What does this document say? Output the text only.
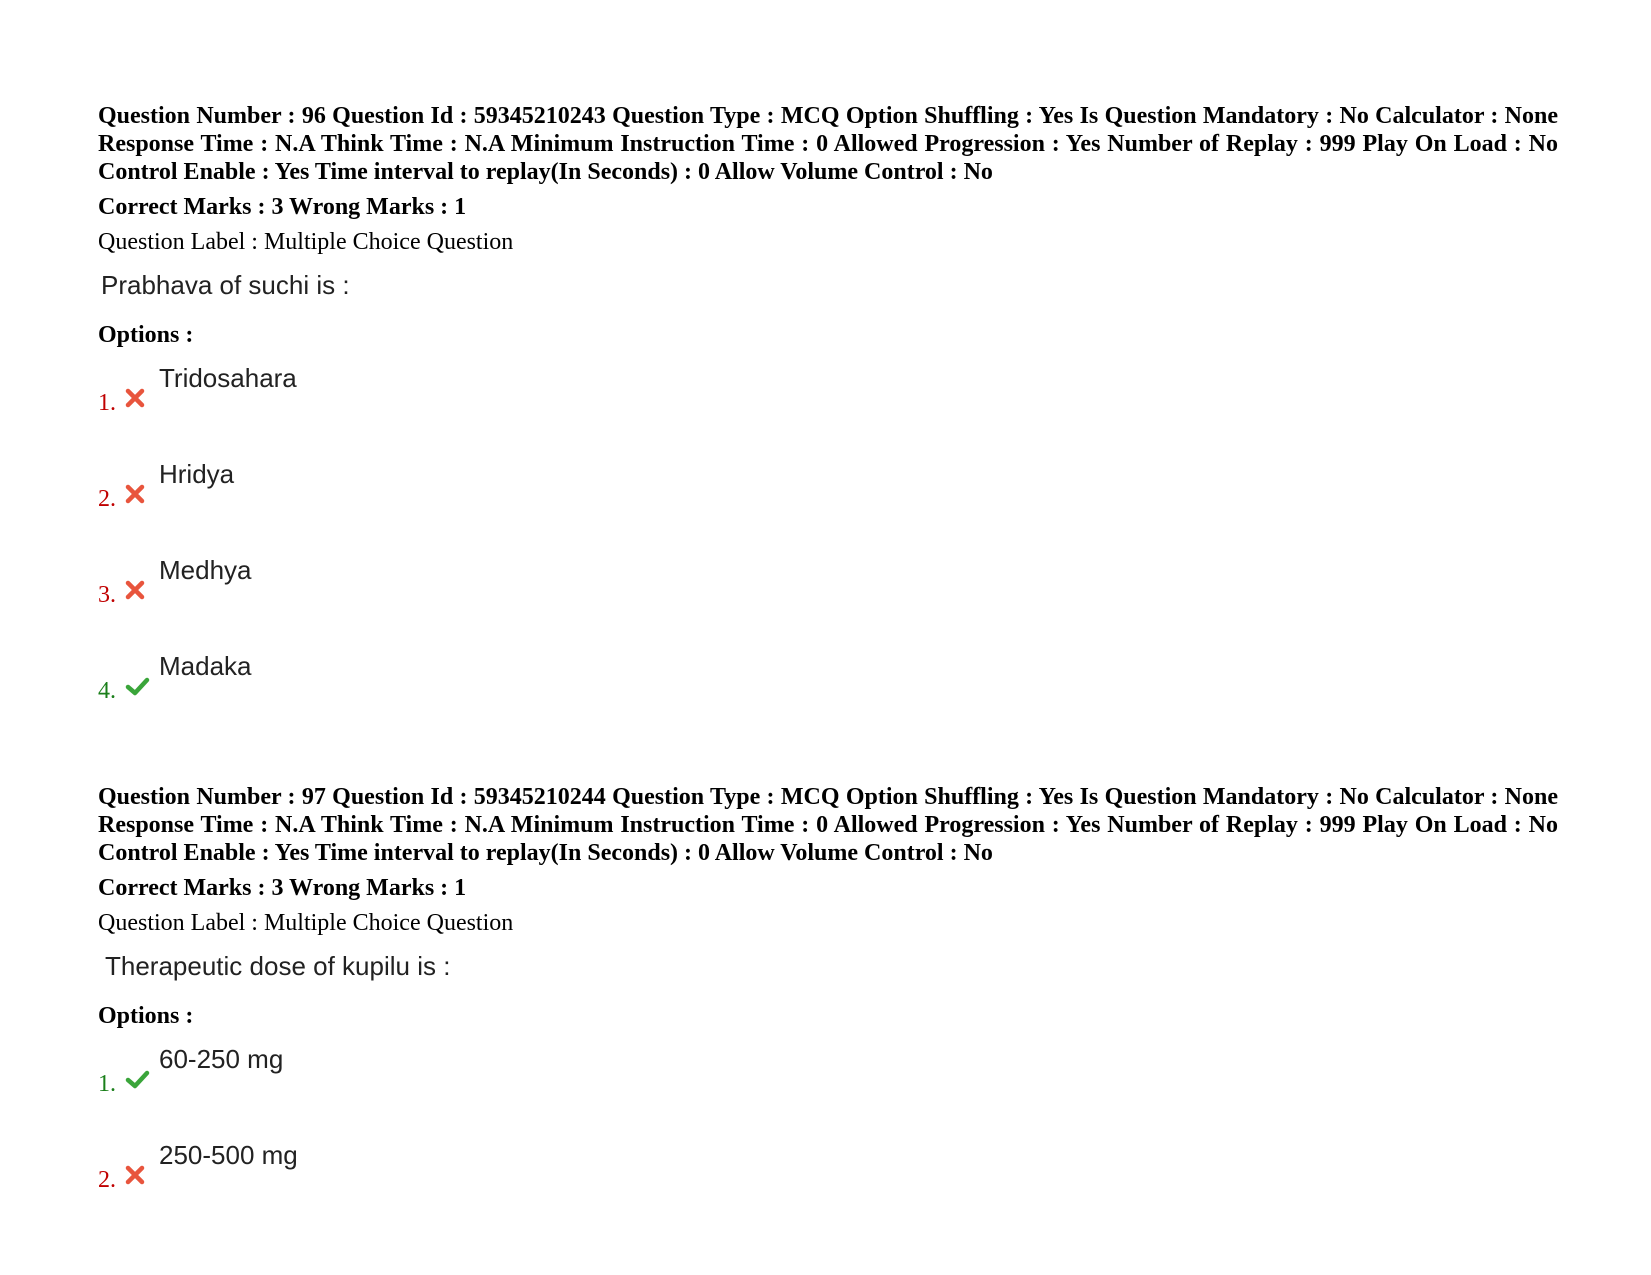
Question Number : 96 Question Id : 59345210243 Question Type : MCQ Option Shuffling : Yes Is Question Mandatory : No Calculator : None Response Time : N.A Think Time : N.A Minimum Instruction Time : 0 Allowed Progression : Yes Number of Replay : 999 Play On Load : No Control Enable : Yes Time interval to replay(In Seconds) : 0 Allow Volume Control : No

Correct Marks : 3 Wrong Marks : 1
Question Label : Multiple Choice Question
Prabhava of suchi is :
Options :
1.
Tridosahara
2.
Hridya
3.
Medhya
4.
Madaka

Question Number : 97 Question Id : 59345210244 Question Type : MCQ Option Shuffling : Yes Is Question Mandatory : No Calculator : None Response Time : N.A Think Time : N.A Minimum Instruction Time : 0 Allowed Progression : Yes Number of Replay : 999 Play On Load : No Control Enable : Yes Time interval to replay(In Seconds) : 0 Allow Volume Control : No

Correct Marks : 3 Wrong Marks : 1
Question Label : Multiple Choice Question
Therapeutic dose of kupilu is :
Options :
1.
60-250 mg
2.
250-500 mg
